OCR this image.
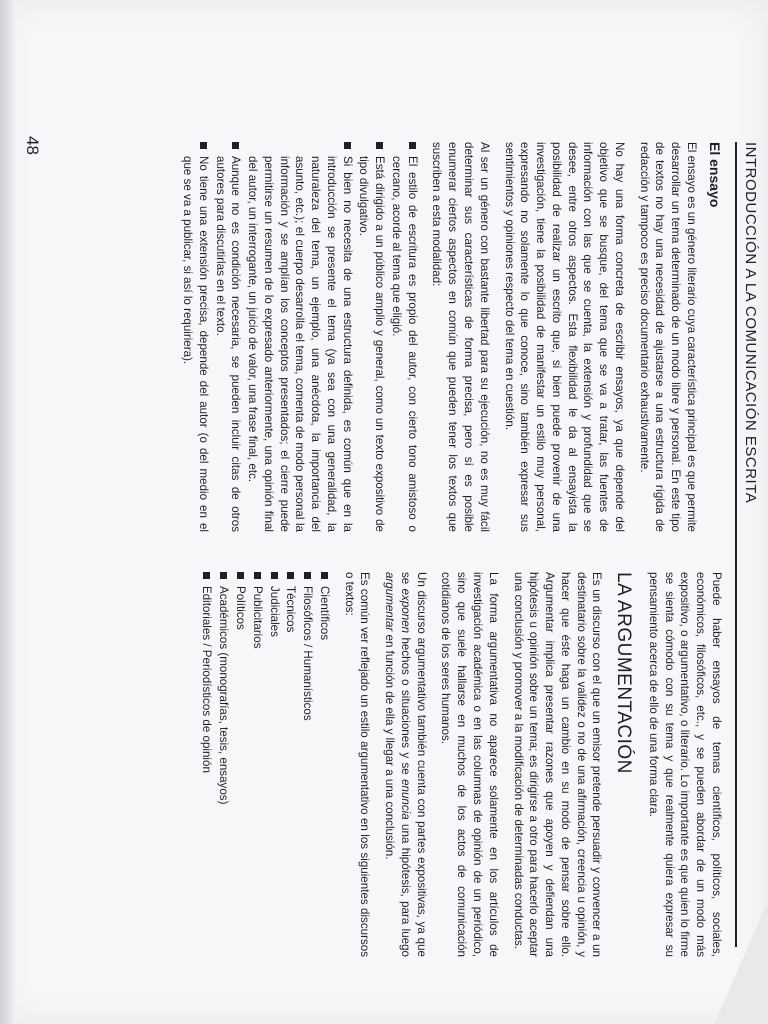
INTRODUCCIÓN A LA COMUNICACIÓN ESCRITA
El ensayo

El ensayo es un género literario cuya característica principal es que permite desarrollar un tema determinado de un modo libre y personal. En este tipo de textos no hay una necesidad de ajustarse a una estructura rígida de redacción y tampoco es preciso documentario exhaustivamente.

No hay una forma concreta de escribir ensayos, ya que depende del objetivo que se busque, del tema que se va a tratar, las fuentes de información con las que se cuenta, la extensión y profundidad que se desee, entre otros aspectos. Esta flexibilidad le da al ensayista la posibilidad de realizar un escrito que, si bien puede provenir de una investigación, tiene la posibilidad de manifestar un estilo muy personal, expresando no solamente lo que conoce, sino también expresar sus sentimientos y opiniones respecto del tema en cuestión.

Al ser un género con bastante libertad para su ejecución, no es muy fácil determinar sus características de forma precisa, pero sí es posible enumerar ciertos aspectos en común que pueden tener los textos que suscriben a esta modalidad:

El estilo de escritura es propio del autor, con cierto tono amistoso o cercano, acorde al tema que eligió.
Está dirigido a un público amplio y general, como un texto expositivo de tipo divulgativo.
Si bien no necesita de una estructura definida, es común que en la introducción se presente el tema (ya sea con una generalidad, la naturaleza del tema, un ejemplo, una anécdota, la importancia del asunto, etc.); el cuerpo desarrolla el tema, comenta de modo personal la información y se amplían los conceptos presentados; el cierre puede permitirse un resumen de lo expresado anteriormente, una opinión final del autor, un interrogante, un juicio de valor, una frase final, etc.
Aunque no es condición necesaria, se pueden incluir citas de otros autores para discutirlas en el texto.
No tiene una extensión precisa, depende del autor (o del medio en el que se va a publicar, si así lo requiriera).

Puede haber ensayos de temas científicos, políticos, sociales, económicos, filosóficos, etc., y se pueden abordar de un modo más expositivo, o argumentativo, o literario. Lo importante es que quien lo firme se sienta cómodo con su tema y que realmente quiera expresar su pensamiento acerca de ello de una forma clara.

LA ARGUMENTACIÓN

Es un discurso con el que un emisor pretende persuadir y convencer a un destinatario sobre la validez o no de una afirmación, creencia u opinión, y hacer que éste haga un cambio en su modo de pensar sobre ello. Argumentar implica presentar razones que apoyen y defiendan una hipótesis u opinión sobre un tema; es dirigirse a otro para hacerlo aceptar una conclusión y promover a la modificación de determinadas conductas.

La forma argumentativa no aparece solamente en los artículos de investigación académica o en las columnas de opinión de un periódico, sino que suele hallarse en muchos de los actos de comunicación cotidianos de los seres humanos.

Un discurso argumentativo también cuenta con partes expositivas, ya que se exponen hechos o situaciones y se enuncia una hipótesis, para luego argumentar en función de ella y llegar a una conclusión.

Es común ver reflejado un estilo argumentativo en los siguientes discursos o textos:

Científicos
Filosóficos / Humanísticos
Técnicos
Judiciales
Publicitarios
Políticos
Académicos (monografías, tesis, ensayos)
Editoriales / Periodísticos de opinión
48
